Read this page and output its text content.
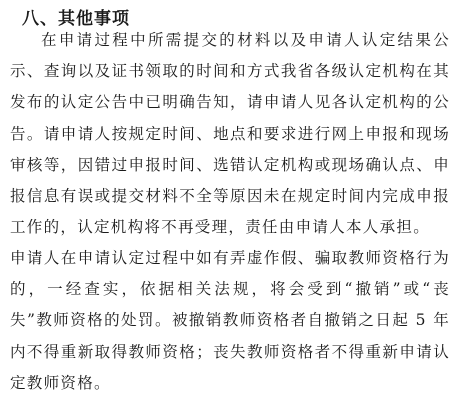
八、其他事项

在申请过程中所需提交的材料以及申请人认定结果公示、查询以及证书领取的时间和方式我省各级认定机构在其发布的认定公告中已明确告知，请申请人见各认定机构的公告。请申请人按规定时间、地点和要求进行网上申报和现场审核等，因错过申报时间、选错认定机构或现场确认点、申报信息有误或提交材料不全等原因未在规定时间内完成申报工作的，认定机构将不再受理，责任由申请人本人承担。

申请人在申请认定过程中如有弄虚作假、骗取教师资格行为的，一经查实，依据相关法规，将会受到“撤销”或“丧失”教师资格的处罚。被撤销教师资格者自撤销之日起 5 年内不得重新取得教师资格；丧失教师资格者不得重新申请认定教师资格。
